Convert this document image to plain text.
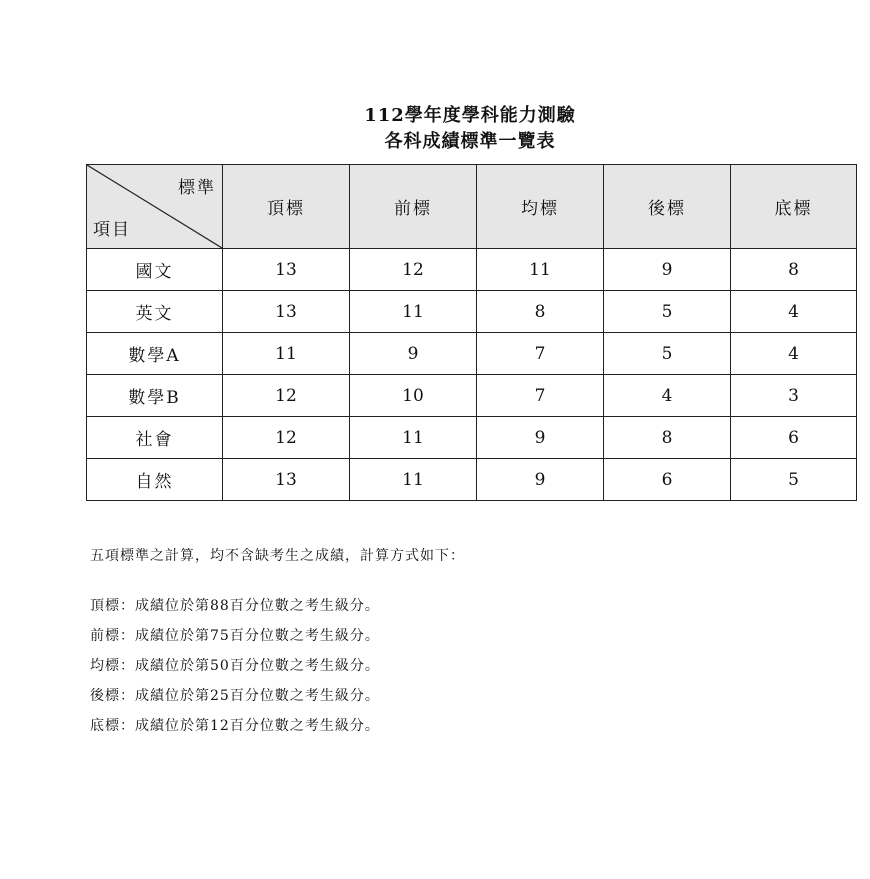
112學年度學科能力測驗
各科成績標準一覽表
標準
項目	頂標	前標	均標	後標	底標
國文	13	12	11	9	8
英文	13	11	8	5	4
數學A	11	9	7	5	4
數學B	12	10	7	4	3
社會	12	11	9	8	6
自然	13	11	9	6	5
五項標準之計算，均不含缺考生之成績，計算方式如下：
頂標：成績位於第88百分位數之考生級分。
前標：成績位於第75百分位數之考生級分。
均標：成績位於第50百分位數之考生級分。
後標：成績位於第25百分位數之考生級分。
底標：成績位於第12百分位數之考生級分。
